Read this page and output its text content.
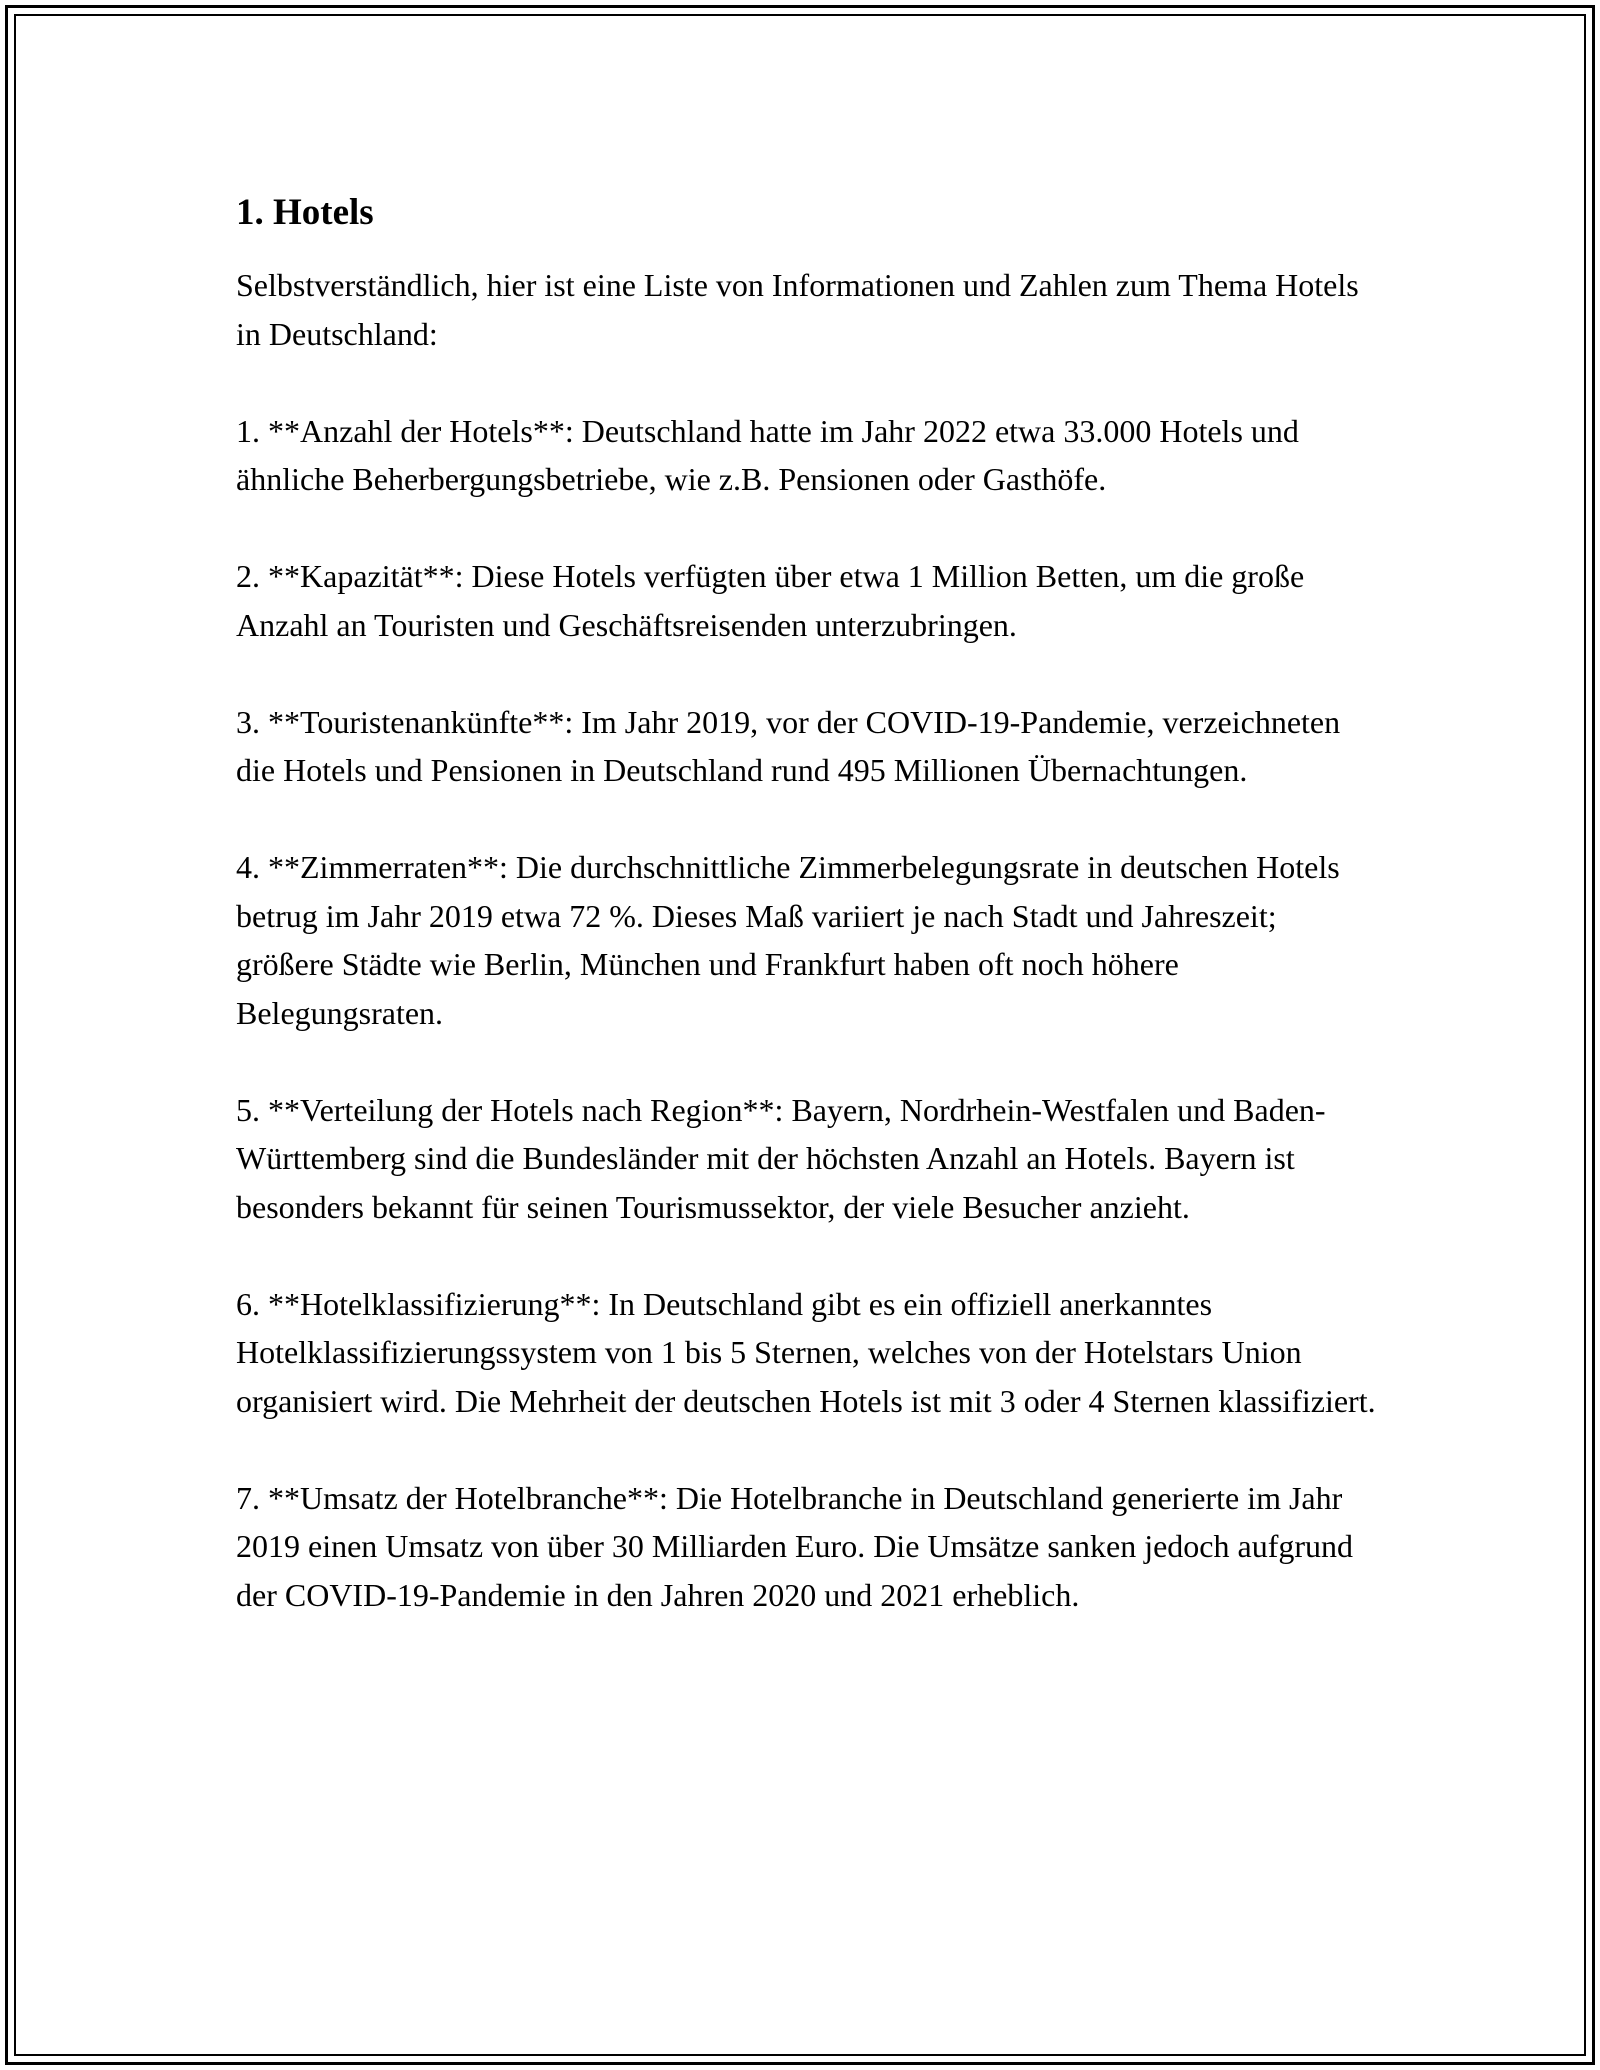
1. Hotels

Selbstverständlich, hier ist eine Liste von Informationen und Zahlen zum Thema Hotels in Deutschland:

1. **Anzahl der Hotels**: Deutschland hatte im Jahr 2022 etwa 33.000 Hotels und ähnliche Beherbergungsbetriebe, wie z.B. Pensionen oder Gasthöfe.

2. **Kapazität**: Diese Hotels verfügten über etwa 1 Million Betten, um die große Anzahl an Touristen und Geschäftsreisenden unterzubringen.

3. **Touristenankünfte**: Im Jahr 2019, vor der COVID-19-Pandemie, verzeichneten die Hotels und Pensionen in Deutschland rund 495 Millionen Übernachtungen.

4. **Zimmerraten**: Die durchschnittliche Zimmerbelegungsrate in deutschen Hotels betrug im Jahr 2019 etwa 72 %. Dieses Maß variiert je nach Stadt und Jahreszeit; größere Städte wie Berlin, München und Frankfurt haben oft noch höhere Belegungsraten.

5. **Verteilung der Hotels nach Region**: Bayern, Nordrhein-Westfalen und Baden-Württemberg sind die Bundesländer mit der höchsten Anzahl an Hotels. Bayern ist besonders bekannt für seinen Tourismussektor, der viele Besucher anzieht.

6. **Hotelklassifizierung**: In Deutschland gibt es ein offiziell anerkanntes Hotelklassifizierungssystem von 1 bis 5 Sternen, welches von der Hotelstars Union organisiert wird. Die Mehrheit der deutschen Hotels ist mit 3 oder 4 Sternen klassifiziert.

7. **Umsatz der Hotelbranche**: Die Hotelbranche in Deutschland generierte im Jahr 2019 einen Umsatz von über 30 Milliarden Euro. Die Umsätze sanken jedoch aufgrund der COVID-19-Pandemie in den Jahren 2020 und 2021 erheblich.
